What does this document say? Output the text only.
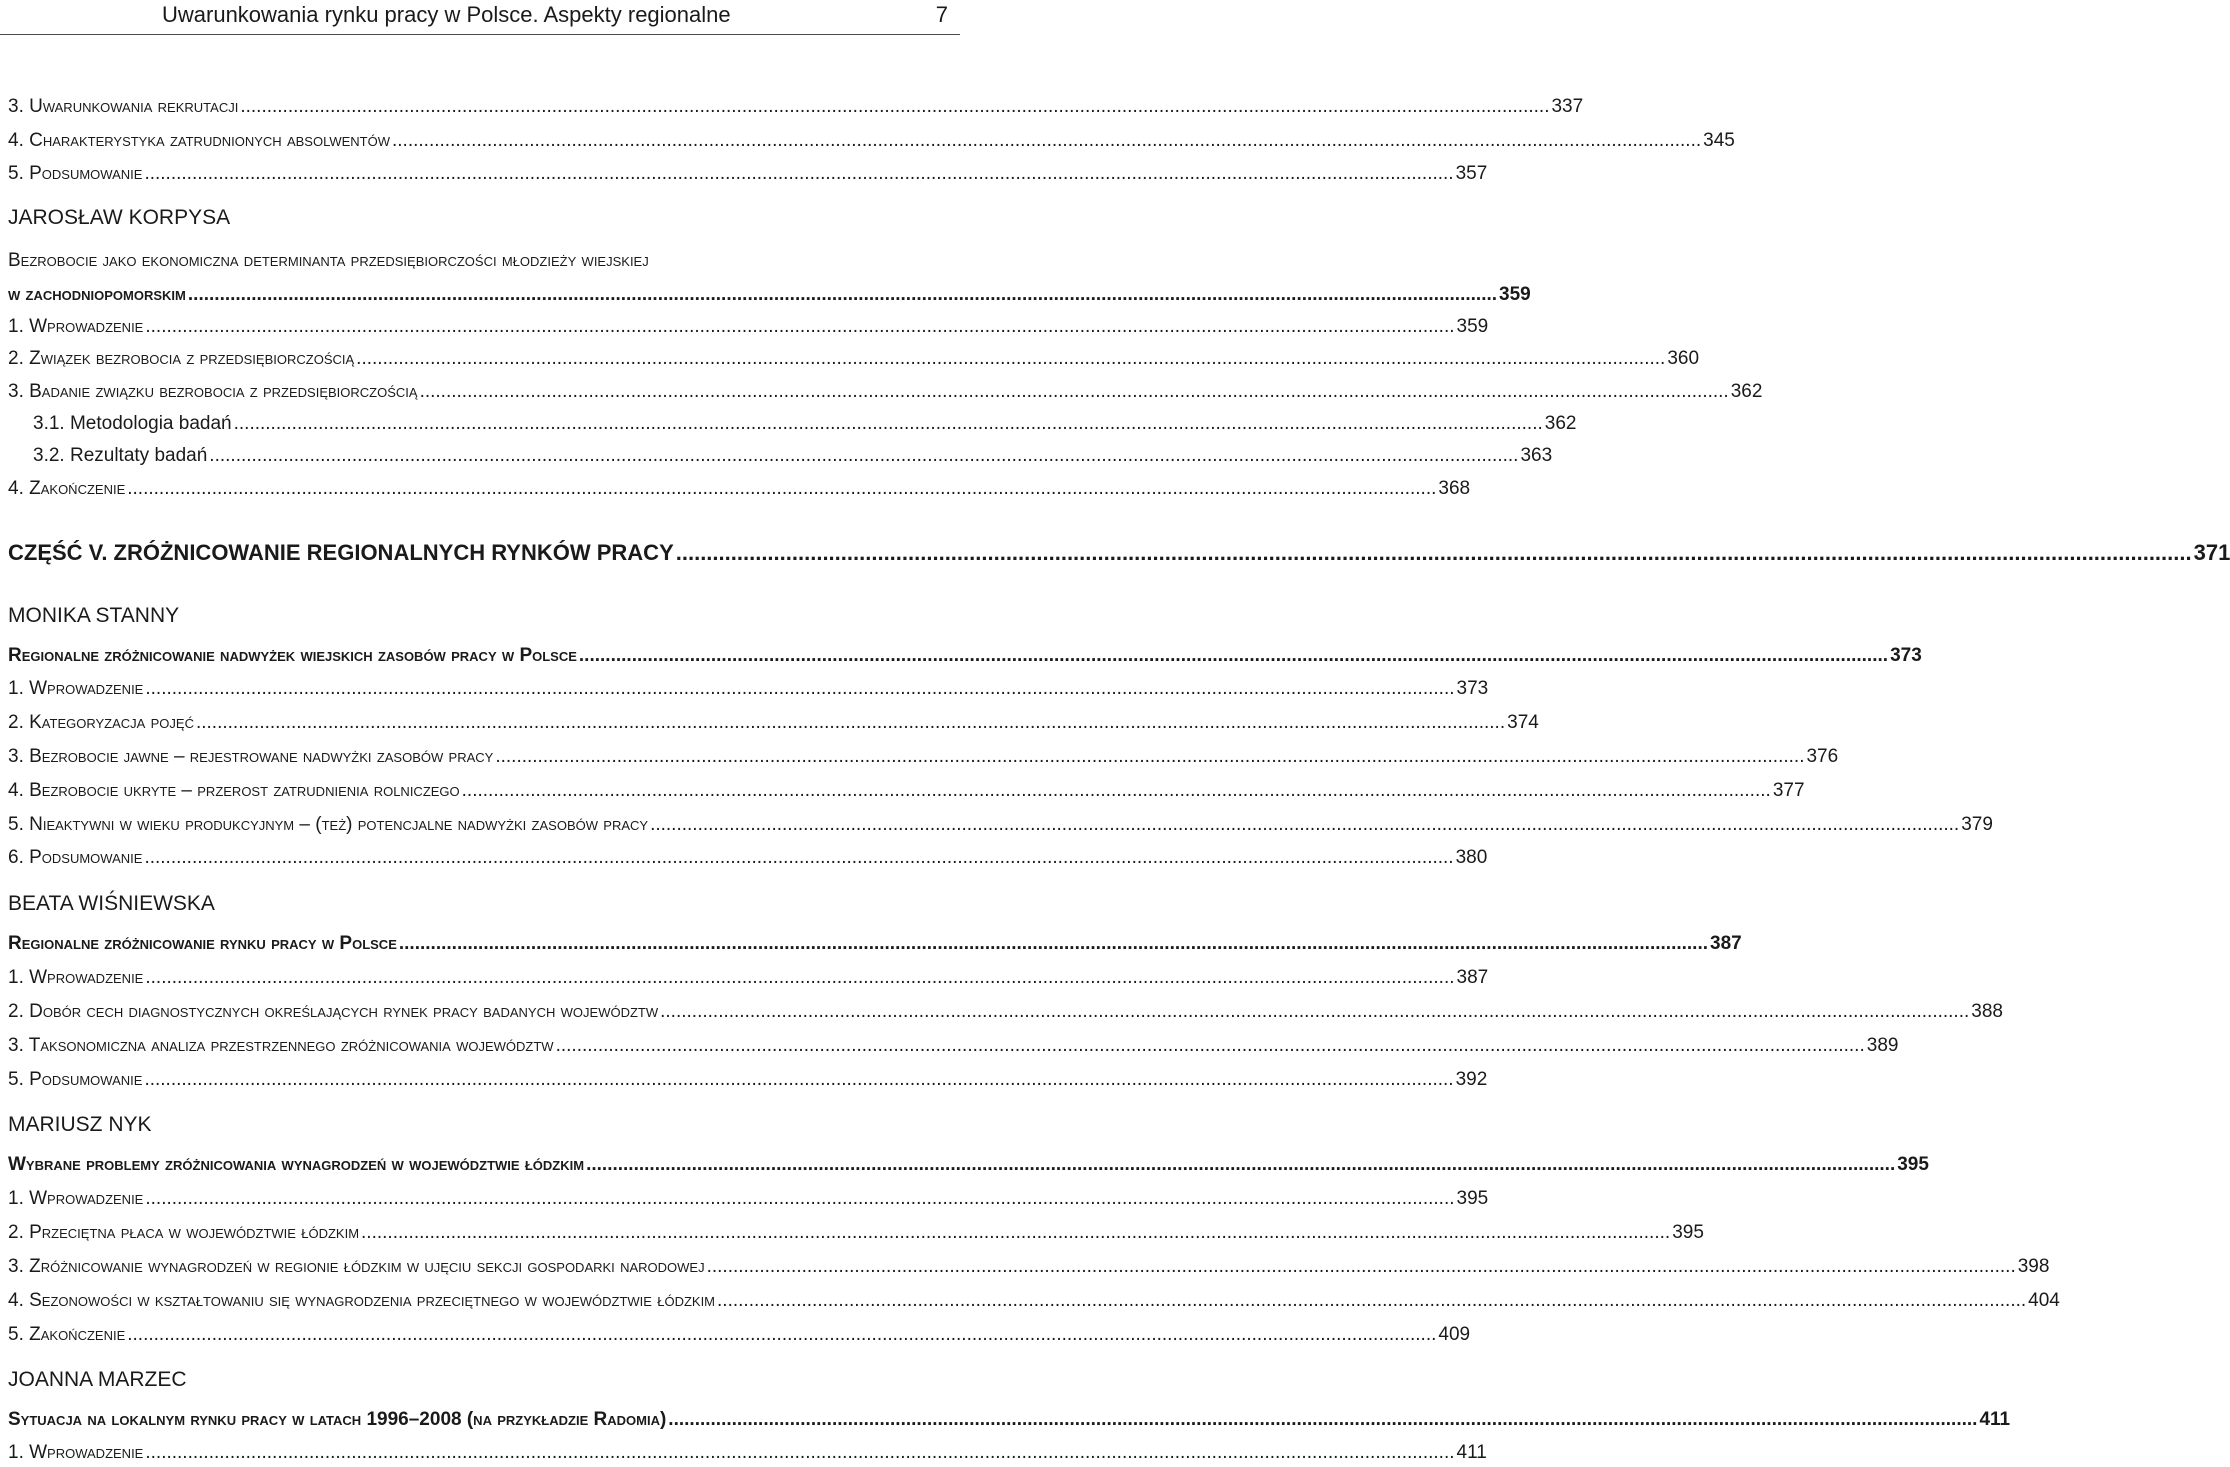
Uwarunkowania rynku pracy w Polsce. Aspekty regionalne	7
3. Uwarunkowania rekrutacji .....	337
4. Charakterystyka zatrudnionych absolwentów .....	345
5. Podsumowanie .....	357
JAROSŁAW KORPYSA
Bezrobocie jako ekonomiczna determinanta przedsiębiorczości młodzieży wiejskiej
w zachodniopomorskim .....	359
1. Wprowadzenie .....	359
2. Związek bezrobocia z przedsiębiorczością .....	360
3. Badanie związku bezrobocia z przedsiębiorczością .....	362
3.1. Metodologia badań .....	362
3.2. Rezultaty badań .....	363
4. Zakończenie .....	368
CZĘŚĆ V. ZRÓŻNICOWANIE REGIONALNYCH RYNKÓW PRACY .....	371
MONIKA STANNY
Regionalne zróżnicowanie nadwyżek wiejskich zasobów pracy w Polsce .....	373
1. Wprowadzenie .....	373
2. Kategoryzacja pojęć .....	374
3. Bezrobocie jawne – rejestrowane nadwyżki zasobów pracy .....	376
4. Bezrobocie ukryte – przerost zatrudnienia rolniczego .....	377
5. Nieaktywni w wieku produkcyjnym – (też) potencjalne nadwyżki zasobów pracy .....	379
6. Podsumowanie .....	380
BEATA WIŚNIEWSKA
Regionalne zróżnicowanie rynku pracy w Polsce .....	387
1. Wprowadzenie .....	387
2. Dobór cech diagnostycznych określających rynek pracy badanych województw .....	388
3. Taksonomiczna analiza przestrzennego zróżnicowania województw .....	389
5. Podsumowanie .....	392
MARIUSZ NYK
Wybrane problemy zróżnicowania wynagrodzeń w województwie łódzkim .....	395
1. Wprowadzenie .....	395
2. Przeciętna płaca w województwie łódzkim .....	395
3. Zróżnicowanie wynagrodzeń w regionie łódzkim w ujęciu sekcji gospodarki narodowej .....	398
4. Sezonowości w kształtowaniu się wynagrodzenia przeciętnego w województwie łódzkim .....	404
5. Zakończenie .....	409
JOANNA MARZEC
Sytuacja na lokalnym rynku pracy w latach 1996–2008 (na przykładzie Radomia) .....	411
1. Wprowadzenie .....	411
